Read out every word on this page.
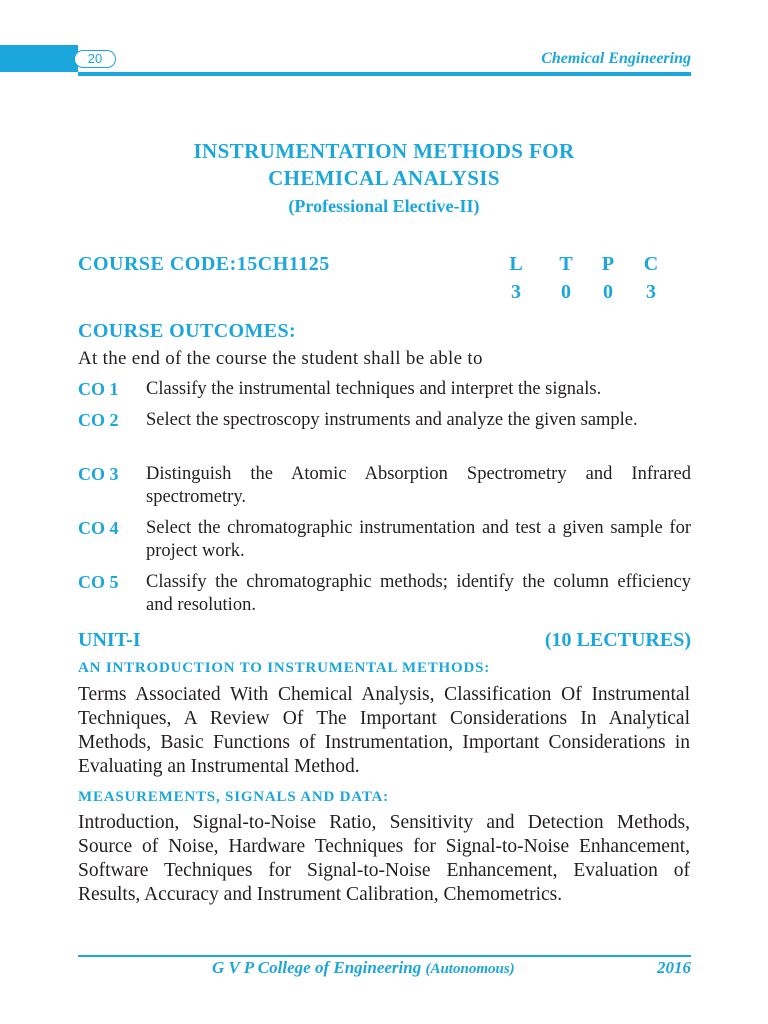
20	Chemical Engineering
INSTRUMENTATION METHODS FOR
CHEMICAL ANALYSIS
(Professional Elective-II)
COURSE CODE:15CH1125	L T P C
3 0 0 3
COURSE OUTCOMES:
At the end of the course the student shall be able to
CO 1 Classify the instrumental techniques and interpret the signals.
CO 2 Select the spectroscopy instruments and analyze the given sample.
CO 3 Distinguish the Atomic Absorption Spectrometry and Infrared spectrometry.
CO 4 Select the chromatographic instrumentation and test a given sample for project work.
CO 5 Classify the chromatographic methods; identify the column efficiency and resolution.
UNIT-I	(10 LECTURES)
AN INTRODUCTION TO INSTRUMENTAL METHODS:
Terms Associated With Chemical Analysis, Classification Of Instrumental Techniques, A Review Of The Important Considerations In Analytical Methods, Basic Functions of Instrumentation, Important Considerations in Evaluating an Instrumental Method.
MEASUREMENTS, SIGNALS AND DATA:
Introduction, Signal-to-Noise Ratio, Sensitivity and Detection Methods, Source of Noise, Hardware Techniques for Signal-to-Noise Enhancement, Software Techniques for Signal-to-Noise Enhancement, Evaluation of Results, Accuracy and Instrument Calibration, Chemometrics.
G V P College of Engineering (Autonomous)	2016
